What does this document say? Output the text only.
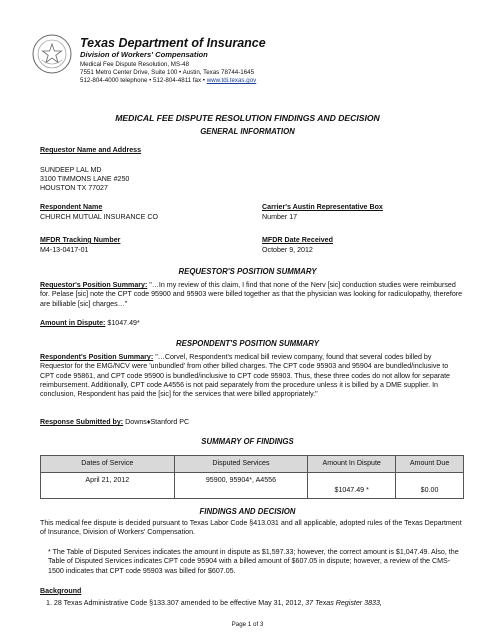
Texas Department of Insurance
Division of Workers' Compensation
Medical Fee Dispute Resolution, MS-48
7551 Metro Center Drive, Suite 100 • Austin, Texas 78744-1645
512-804-4000 telephone • 512-804-4811 fax • www.tdi.texas.gov
MEDICAL FEE DISPUTE RESOLUTION FINDINGS AND DECISION
GENERAL INFORMATION
Requestor Name and Address
SUNDEEP LAL MD
3100 TIMMONS LANE #250
HOUSTON TX 77027
Respondent Name
CHURCH MUTUAL INSURANCE CO
Carrier's Austin Representative Box
Number 17
MFDR Tracking Number
M4-13-0417-01
MFDR Date Received
October 9, 2012
REQUESTOR'S POSITION SUMMARY
Requestor's Position Summary: "…In my review of this claim, I find that none of the Nerv [sic] conduction studies were reimbursed for. Pelase [sic] note the CPT code 95900 and 95903 were billed together as that the physician was looking for radiculopathy, therefore are billiable [sic] charges…"
Amount in Dispute: $1047.49*
RESPONDENT'S POSITION SUMMARY
Respondent's Position Summary: "…Corvel, Respondent's medical bill review company, found that several codes billed by Requestor for the EMG/NCV were 'unbundled' from other billed charges. The CPT code 95903 and 95904 are bundled/inclusive to CPT code 95861, and CPT code 95900 is bundled/inclusive to CPT code 95903. Thus, these three codes do not allow for separate reimbursement. Additionally, CPT code A4556 is not paid separately from the procedure unless it is billed by a DME supplier. In conclusion, Respondent has paid the [sic] for the services that were billed appropriately."
Response Submitted by: Downs♦Stanford PC
SUMMARY OF FINDINGS
Dates of Service	Disputed Services	Amount In Dispute	Amount Due
April 21, 2012	95900, 95904*, A4556	$1047.49 *	$0.00
FINDINGS AND DECISION
This medical fee dispute is decided pursuant to Texas Labor Code §413.031 and all applicable, adopted rules of the Texas Department of Insurance, Division of Workers' Compensation.
* The Table of Disputed Services indicates the amount in dispute as $1,597.33; however, the correct amount is $1,047.49. Also, the Table of Disputed Services indicates CPT code 95904 with a billed amount of $607.05 in dispute; however, a review of the CMS-1500 indicates that CPT code 95903 was billed for $607.05.
Background
1. 28 Texas Administrative Code §133.307 amended to be effective May 31, 2012, 37 Texas Register 3833,
Page 1 of 3
